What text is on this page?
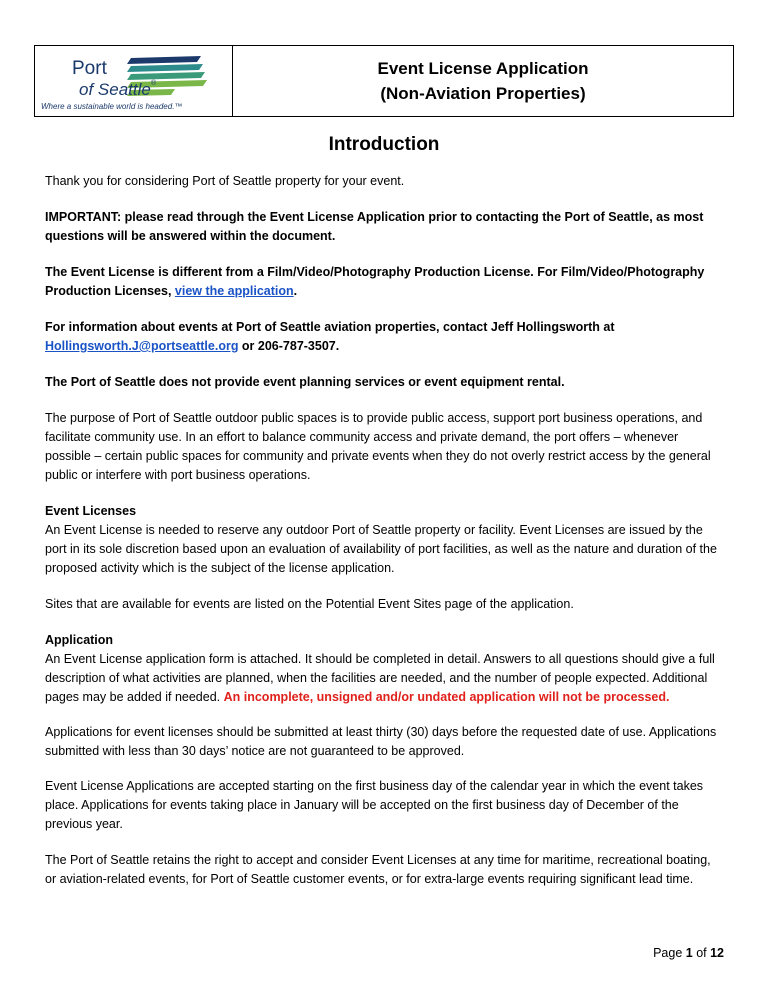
Port
of Seattle®
Where a sustainable world is headed.™
Event License Application
(Non-Aviation Properties)
Introduction
Thank you for considering Port of Seattle property for your event.
IMPORTANT: please read through the Event License Application prior to contacting the Port of Seattle, as most questions will be answered within the document.
The Event License is different from a Film/Video/Photography Production License. For Film/Video/Photography Production Licenses, view the application.
For information about events at Port of Seattle aviation properties, contact Jeff Hollingsworth at Hollingsworth.J@portseattle.org or 206-787-3507.
The Port of Seattle does not provide event planning services or event equipment rental.
The purpose of Port of Seattle outdoor public spaces is to provide public access, support port business operations, and facilitate community use. In an effort to balance community access and private demand, the port offers – whenever possible – certain public spaces for community and private events when they do not overly restrict access by the general public or interfere with port business operations.
Event Licenses
An Event License is needed to reserve any outdoor Port of Seattle property or facility. Event Licenses are issued by the port in its sole discretion based upon an evaluation of availability of port facilities, as well as the nature and duration of the proposed activity which is the subject of the license application.
Sites that are available for events are listed on the Potential Event Sites page of the application.
Application
An Event License application form is attached. It should be completed in detail. Answers to all questions should give a full description of what activities are planned, when the facilities are needed, and the number of people expected. Additional pages may be added if needed. An incomplete, unsigned and/or undated application will not be processed.
Applications for event licenses should be submitted at least thirty (30) days before the requested date of use. Applications submitted with less than 30 days’ notice are not guaranteed to be approved.
Event License Applications are accepted starting on the first business day of the calendar year in which the event takes place. Applications for events taking place in January will be accepted on the first business day of December of the previous year.
The Port of Seattle retains the right to accept and consider Event Licenses at any time for maritime, recreational boating, or aviation-related events, for Port of Seattle customer events, or for extra-large events requiring significant lead time.
Page 1 of 12
